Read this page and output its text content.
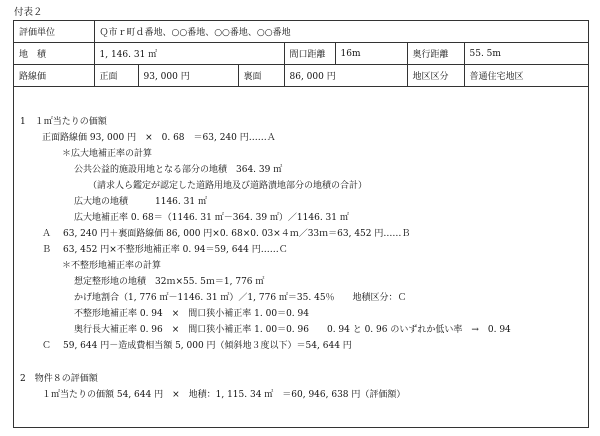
付表２
評価単位	Ｑ市ｒ町ｄ番地、○○番地、○○番地、○○番地						
地　積	1, 146. 31 ㎡			間口距離	16m	奥行距離	55. 5m
路線価	正面	93, 000 円	裏面	86, 000 円		地区区分	普通住宅地区
1　１㎡当たりの価額
正面路線価 93, 000 円　×　0. 68　＝63, 240 円……Ａ
＊広大地補正率の計算
公共公益的施設用地となる部分の地積　364. 39 ㎡
（請求人ら鑑定が認定した道路用地及び道路潰地部分の地積の合計）
広大地の地積　　　1146. 31 ㎡
広大地補正率 0. 68＝（1146. 31 ㎡－364. 39 ㎡）／1146. 31 ㎡
Ａ 63, 240 円＋裏面路線価 86, 000 円×0. 68×0. 03×４ｍ／33ｍ＝63, 452 円……Ｂ
Ｂ 63, 452 円×不整形地補正率 0. 94＝59, 644 円……Ｃ
＊不整形地補正率の計算
想定整形地の地積　32ｍ×55. 5ｍ＝1, 776 ㎡
かげ地割合（1, 776 ㎡－1146. 31 ㎡）／1, 776 ㎡＝35. 45％　　地積区分：Ｃ
不整形地補正率 0. 94　×　間口狭小補正率 1. 00＝0. 94
奥行長大補正率 0. 96　×　間口狭小補正率 1. 00＝0. 96　　0. 94 と 0. 96 のいずれか低い率　→　0. 94
Ｃ 59, 644 円－造成費相当額 5, 000 円（傾斜地３度以下）＝54, 644 円
2　物件８の評価額
１㎡当たりの価額 54, 644 円　×　地積：1, 115. 34 ㎡　＝60, 946, 638 円（評価額）
